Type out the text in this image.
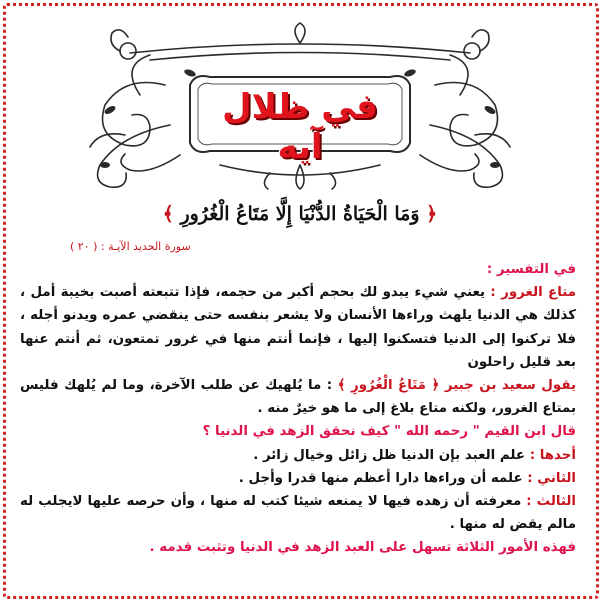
في ظلال آيه
﴿ وَمَا الْحَيَاةُ الدُّنْيَا إِلَّا مَتَاعُ الْغُرُورِ ﴾
سورة الحديد الآيـة : ( ٢٠ )

في التفسير :

متاع الغرور : يعني شيء يبدو لك بحجم أكبر من حجمه، فإذا تتبعته أصبت بخيبة أمل ، كذلك هي الدنيا يلهث وراءها الأنسان ولا يشعر بنفسه حتى ينقضي عمره ويدنو أجله ، فلا تركنوا إلى الدنيا فتسكنوا إليها ، فإنما أنتم منها في غرور تمتعون، ثم أنتم عنها بعد قليل راحلون

يقول سعيد بن جبير ﴿ مَتَاعُ الْغُرُورِ ﴾ : ما يُلهيك عن طلب الآخرة، وما لم يُلهك فليس بمتاع الغرور، ولكنه متاع بلاغ إلى ما هو خيرٌ منه .

قال ابن القيم " رحمه الله " كيف نحقق الزهد في الدنيا ؟

أحدها : علم العبد بإن الدنيا ظل زائل وخيال زائر .

الثاني : علمه أن وراءها دارا أعظم منها قدرا وأجل .

الثالث : معرفته أن زهده فيها لا يمنعه شيئا كتب له منها ، وأن حرصه عليها لايجلب له مالم يقض له منها .

فهذه الأمور الثلاثة تسهل على العبد الزهد في الدنيا وتثبت قدمه .
